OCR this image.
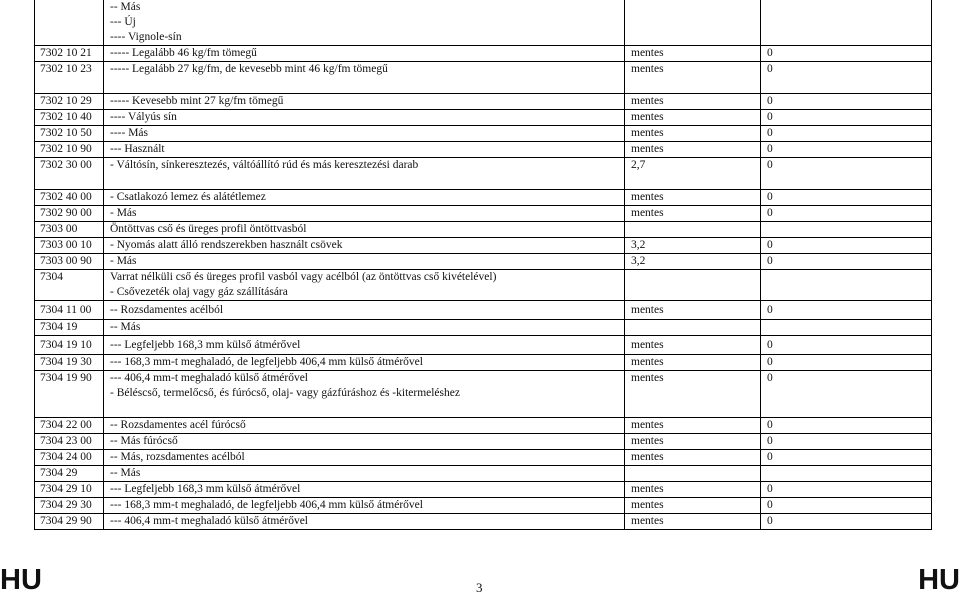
	-- Más		
	--- Új		
	---- Vignole-sín		
7302 10 21	----- Legalább 46 kg/fm tömegű	mentes	0
7302 10 23	----- Legalább 27 kg/fm, de kevesebb mint 46 kg/fm tömegű	mentes	0

7302 10 29	----- Kevesebb mint 27 kg/fm tömegű	mentes	0
7302 10 40	---- Vályús sín	mentes	0
7302 10 50	---- Más	mentes	0
7302 10 90	--- Használt	mentes	0
7302 30 00	- Váltósín, sínkeresztezés, váltóállító rúd és más keresztezési darab	2,7	0

7302 40 00	- Csatlakozó lemez és alátétlemez	mentes	0
7302 90 00	- Más	mentes	0
7303 00	Öntöttvas cső és üreges profil öntöttvasból		
7303 00 10	- Nyomás alatt álló rendszerekben használt csövek	3,2	0
7303 00 90	- Más	3,2	0
7304	Varrat nélküli cső és üreges profil vasból vagy acélból (az öntöttvas cső kivételével)		
	- Csővezeték olaj vagy gáz szállítására		
7304 11 00	-- Rozsdamentes acélból	mentes	0
7304 19	-- Más		
7304 19 10	--- Legfeljebb 168,3 mm külső átmérővel	mentes	0
7304 19 30	--- 168,3 mm-t meghaladó, de legfeljebb 406,4 mm külső átmérővel	mentes	0
7304 19 90	--- 406,4 mm-t meghaladó külső átmérővel	mentes	0
	- Béléscső, termelőcső, és fúrócső, olaj- vagy gázfúráshoz és -kitermeléshez		

7304 22 00	-- Rozsdamentes acél fúrócső	mentes	0
7304 23 00	-- Más fúrócső	mentes	0
7304 24 00	-- Más, rozsdamentes acélból	mentes	0
7304 29	-- Más		
7304 29 10	--- Legfeljebb 168,3 mm külső átmérővel	mentes	0
7304 29 30	--- 168,3 mm-t meghaladó, de legfeljebb 406,4 mm külső átmérővel	mentes	0
7304 29 90	--- 406,4 mm-t meghaladó külső átmérővel	mentes	0
HU	3	HU
